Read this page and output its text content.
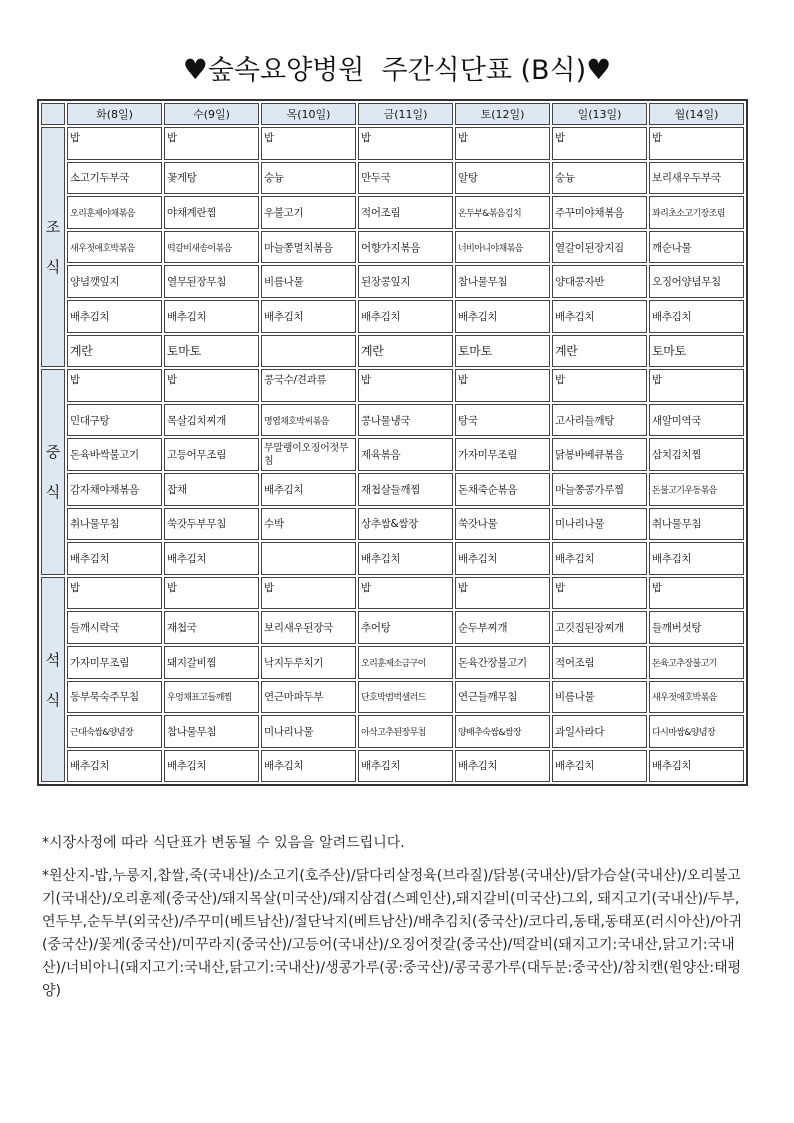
♥숲속요양병원  주간식단표 (B식)♥
	화(8일)	수(9일)	목(10일)	금(11일)	토(12일)	일(13일)	월(14일)

조
식	밥	밥	밥	밥	밥	밥	밥
	소고기두부국	꽃게탕	숭늉	만두국	알탕	숭늉	보리새우두부국
	오리훈제야채볶음	야채계란찜	우불고기	적어조림	온두부&볶음김치	주꾸미야채볶음	꽈리초소고기장조림
	새우젓애호박볶음	떡갈비새송이볶음	마늘쫑멸치볶음	어향가지볶음	너비아니야채볶음	열갈이된장지짐	깨순나물
	양념깻잎지	열무된장무침	비름나물	된장콩잎지	참나물무침	양대콩자반	오징어양념무침
	배추김치	배추김치	배추김치	배추김치	배추김치	배추김치	배추김치
	계란	토마토		계란	토마토	계란	토마토

중
식	밥	밥	콩국수/견과류	밥	밥	밥	밥
	민대구탕	목살김치찌개	명엽채호박씨볶음	콩나물냉국	탕국	고사리들깨탕	새알미역국
	돈육바싹불고기	고등어무조림	무말랭이오징어젓무침	제육볶음	가자미무조림	닭봉바베큐볶음	삼치김치찜
	감자채야채볶음	잡채	배추김치	재첩살들깨찜	돈채죽순볶음	마늘쫑콩가루찜	돈불고기우동볶음
	취나물무침	쑥갓두부무침	수박	상추쌈&쌈장	쑥갓나물	미나리나물	취나물무침
	배추김치	배추김치		배추김치	배추김치	배추김치	배추김치

석
식	밥	밥	밥	밥	밥	밥	밥
	들깨시락국	재첩국	보리새우된장국	추어탕	순두부찌개	고깃집된장찌개	들깨버섯탕
	가자미무조림	돼지갈비찜	낙지두루치기	오리훈제소금구이	돈육간장불고기	적어조림	돈육고추장불고기
	동부묵숙주무침	우엉채표고들깨찜	연근마파두부	단호박범벅샐러드	연근들깨무침	비름나물	새우젓애호박볶음
	근대숙쌈&양념장	참나물무침	미나리나물	아삭고추된장무침	양배추숙쌈&쌈장	과일사라다	다시마쌈&양념장
	배추김치	배추김치	배추김치	배추김치	배추김치	배추김치	배추김치

*시장사정에 따라 식단표가 변동될 수 있음을 알려드립니다.

*원산지-밥,누룽지,찹쌀,죽(국내산)/소고기(호주산)/닭다리살정육(브라질)/닭봉(국내산)/닭가슴살(국내산)/오리불고기(국내산)/오리훈제(중국산)/돼지목살(미국산)/돼지삼겹(스페인산),돼지갈비(미국산)그외, 돼지고기(국내산)/두부,연두부,순두부(외국산)/주꾸미(베트남산)/절단낙지(베트남산)/배추김치(중국산)/코다리,동태,동태포(러시아산)/아귀(중국산)/꽃게(중국산)/미꾸라지(중국산)/고등어(국내산)/오징어젓갈(중국산)/떡갈비(돼지고기:국내산,닭고기:국내산)/너비아니(돼지고기:국내산,닭고기:국내산)/생콩가루(콩:중국산)/콩국콩가루(대두분:중국산)/참치캔(원양산:태평양)
